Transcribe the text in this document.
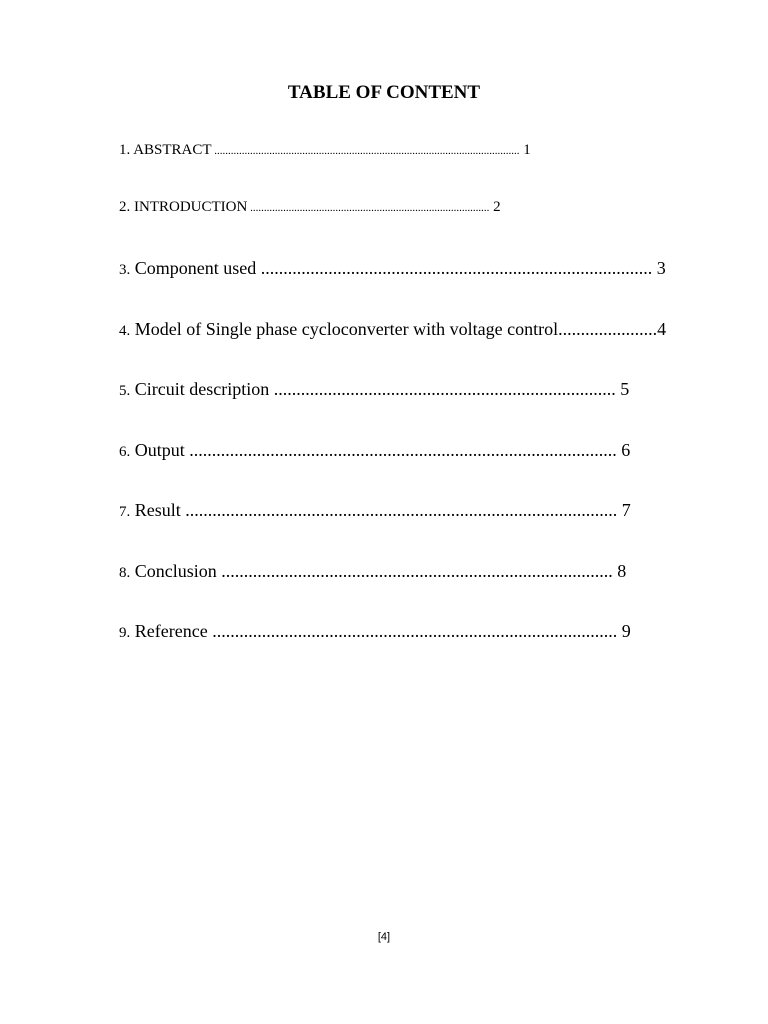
TABLE OF CONTENT
1. ABSTRACT ............................................................................................................... 1
2. INTRODUCTION ....................................................................................... 2
3. Component used ....................................................................................... 3
4. Model of Single phase cycloconverter with voltage control......................4
5. Circuit description ............................................................................ 5
6. Output ............................................................................................... 6
7. Result ................................................................................................ 7
8. Conclusion ....................................................................................... 8
9. Reference .......................................................................................... 9
[4]
